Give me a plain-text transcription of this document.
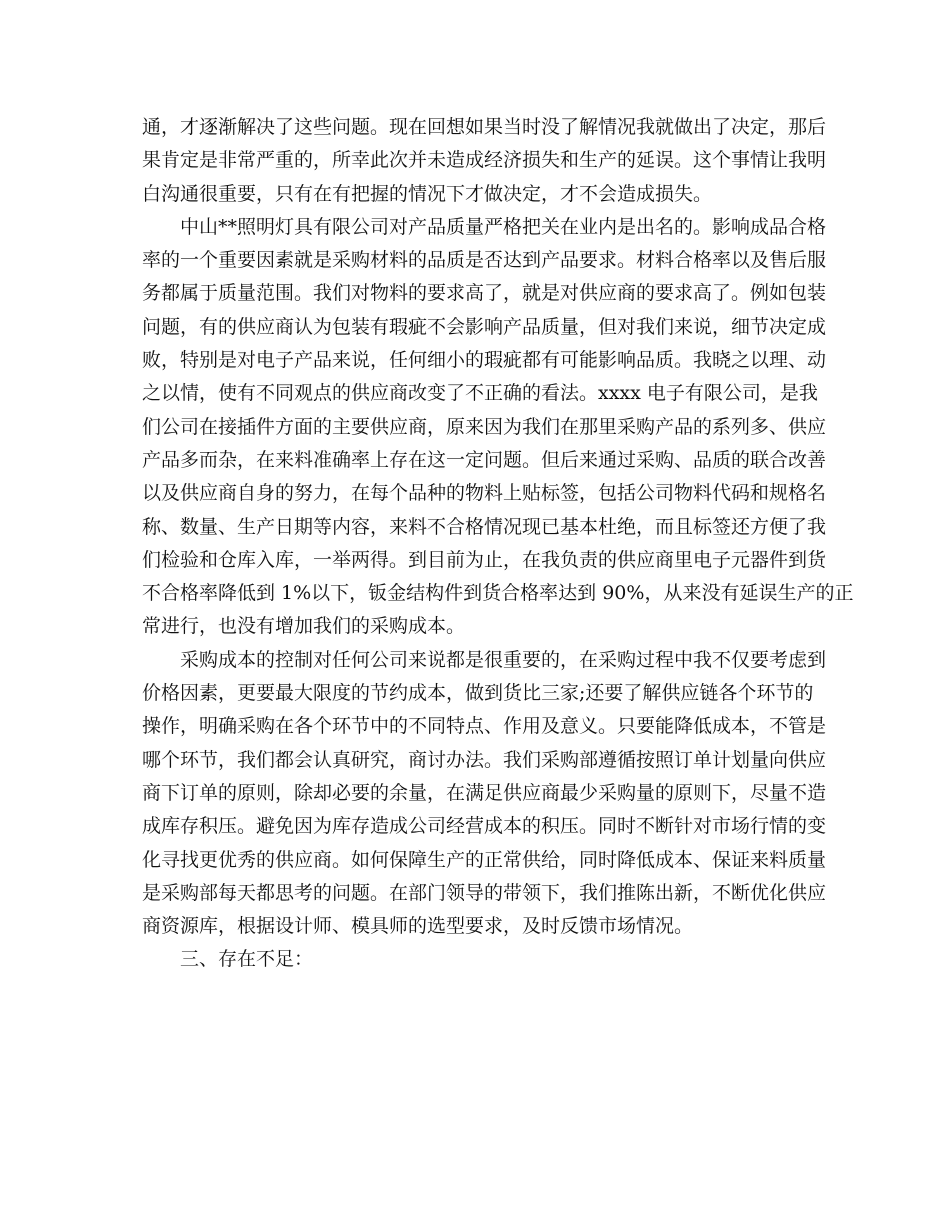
通，才逐渐解决了这些问题。现在回想如果当时没了解情况我就做出了决定，那后
果肯定是非常严重的，所幸此次并未造成经济损失和生产的延误。这个事情让我明
白沟通很重要，只有在有把握的情况下才做决定，才不会造成损失。
中山**照明灯具有限公司对产品质量严格把关在业内是出名的。影响成品合格
率的一个重要因素就是采购材料的品质是否达到产品要求。材料合格率以及售后服
务都属于质量范围。我们对物料的要求高了，就是对供应商的要求高了。例如包装
问题，有的供应商认为包装有瑕疵不会影响产品质量，但对我们来说，细节决定成
败，特别是对电子产品来说，任何细小的瑕疵都有可能影响品质。我晓之以理、动
之以情，使有不同观点的供应商改变了不正确的看法。xxxx 电子有限公司，是我
们公司在接插件方面的主要供应商，原来因为我们在那里采购产品的系列多、供应
产品多而杂，在来料准确率上存在这一定问题。但后来通过采购、品质的联合改善
以及供应商自身的努力，在每个品种的物料上贴标签，包括公司物料代码和规格名
称、数量、生产日期等内容，来料不合格情况现已基本杜绝，而且标签还方便了我
们检验和仓库入库，一举两得。到目前为止，在我负责的供应商里电子元器件到货
不合格率降低到 1%以下，钣金结构件到货合格率达到 90%，从来没有延误生产的正
常进行，也没有增加我们的采购成本。
采购成本的控制对任何公司来说都是很重要的，在采购过程中我不仅要考虑到
价格因素，更要最大限度的节约成本，做到货比三家;还要了解供应链各个环节的
操作，明确采购在各个环节中的不同特点、作用及意义。只要能降低成本，不管是
哪个环节，我们都会认真研究，商讨办法。我们采购部遵循按照订单计划量向供应
商下订单的原则，除却必要的余量，在满足供应商最少采购量的原则下，尽量不造
成库存积压。避免因为库存造成公司经营成本的积压。同时不断针对市场行情的变
化寻找更优秀的供应商。如何保障生产的正常供给，同时降低成本、保证来料质量
是采购部每天都思考的问题。在部门领导的带领下，我们推陈出新，不断优化供应
商资源库，根据设计师、模具师的选型要求，及时反馈市场情况。
三、存在不足：
